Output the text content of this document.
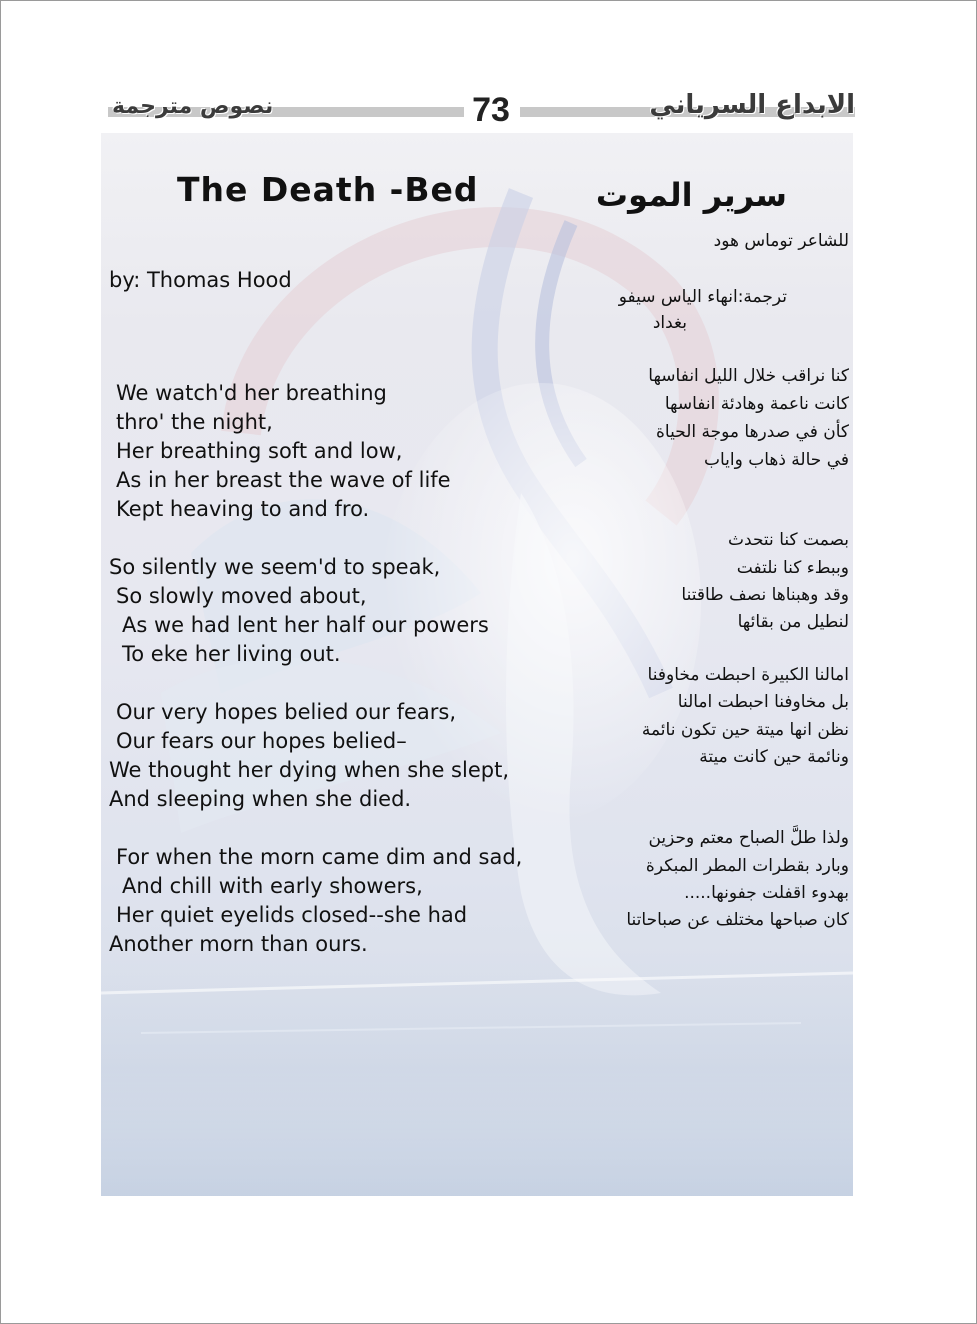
نصوص مترجمة	73	الابداع السرياني
The Death -Bed	سرير الموت
by: Thomas Hood
للشاعر توماس هود
ترجمة:انهاء الياس سيفو
بغداد
We watch'd her breathing
thro' the night,
Her breathing soft and low,
As in her breast the wave of life
Kept heaving to and fro.
So silently we seem'd to speak,
So slowly moved about,
As we had lent her half our powers
To eke her living out.
Our very hopes belied our fears,
Our fears our hopes belied–
We thought her dying when she slept,
And sleeping when she died.
For when the morn came dim and sad,
And chill with early showers,
Her quiet eyelids closed--she had
Another morn than ours.
كنا نراقب خلال الليل انفاسها
كانت ناعمة وهادئة انفاسها
كأن في صدرها موجة الحياة
في حالة ذهاب واياب
بصمت كنا نتحدث
وببطء كنا نلتفت
وقد وهبناها نصف طاقتنا
لنطيل من بقائها
امالنا الكبيرة احبطت مخاوفنا
بل مخاوفنا احبطت امالنا
نظن انها ميتة حين تكون نائمة
ونائمة حين كانت ميتة
ولذا طلَّ الصباح معتم وحزين
وبارد بقطرات المطر المبكرة
بهدوء اقفلت جفونها.....
كان صباحها مختلف عن صباحاتنا
